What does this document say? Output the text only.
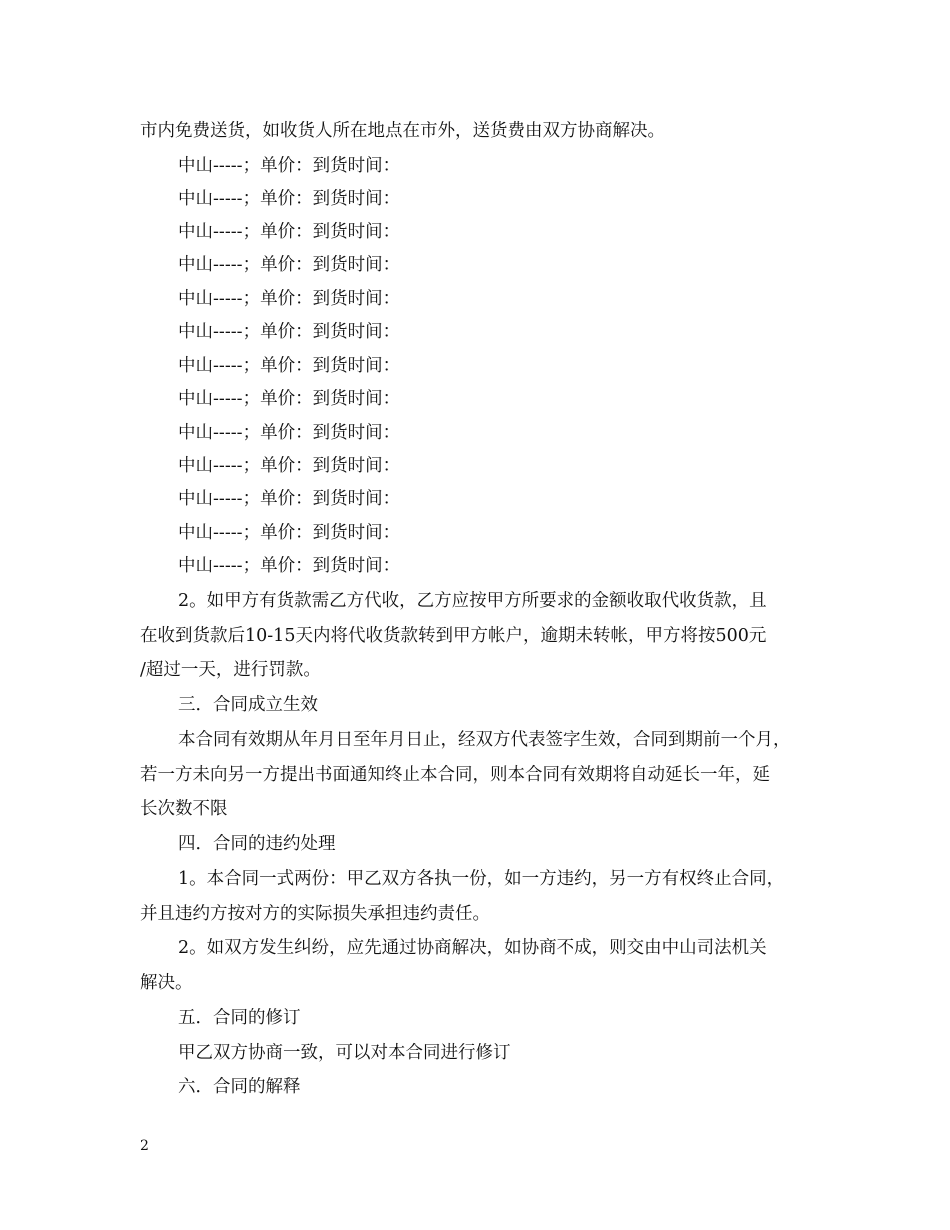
市内免费送货，如收货人所在地点在市外，送货费由双方协商解决。
中山-----；单价：到货时间：
中山-----；单价：到货时间：
中山-----；单价：到货时间：
中山-----；单价：到货时间：
中山-----；单价：到货时间：
中山-----；单价：到货时间：
中山-----；单价：到货时间：
中山-----；单价：到货时间：
中山-----；单价：到货时间：
中山-----；单价：到货时间：
中山-----；单价：到货时间：
中山-----；单价：到货时间：
中山-----；单价：到货时间：
2。如甲方有货款需乙方代收，乙方应按甲方所要求的金额收取代收货款，且
在收到货款后10-15天内将代收货款转到甲方帐户，逾期未转帐，甲方将按500元
/超过一天，进行罚款。
三．合同成立生效
本合同有效期从年月日至年月日止，经双方代表签字生效，合同到期前一个月，
若一方未向另一方提出书面通知终止本合同，则本合同有效期将自动延长一年，延
长次数不限
四．合同的违约处理
1。本合同一式两份：甲乙双方各执一份，如一方违约，另一方有权终止合同，
并且违约方按对方的实际损失承担违约责任。
2。如双方发生纠纷，应先通过协商解决，如协商不成，则交由中山司法机关
解决。
五．合同的修订
甲乙双方协商一致，可以对本合同进行修订
六．合同的解释
2
